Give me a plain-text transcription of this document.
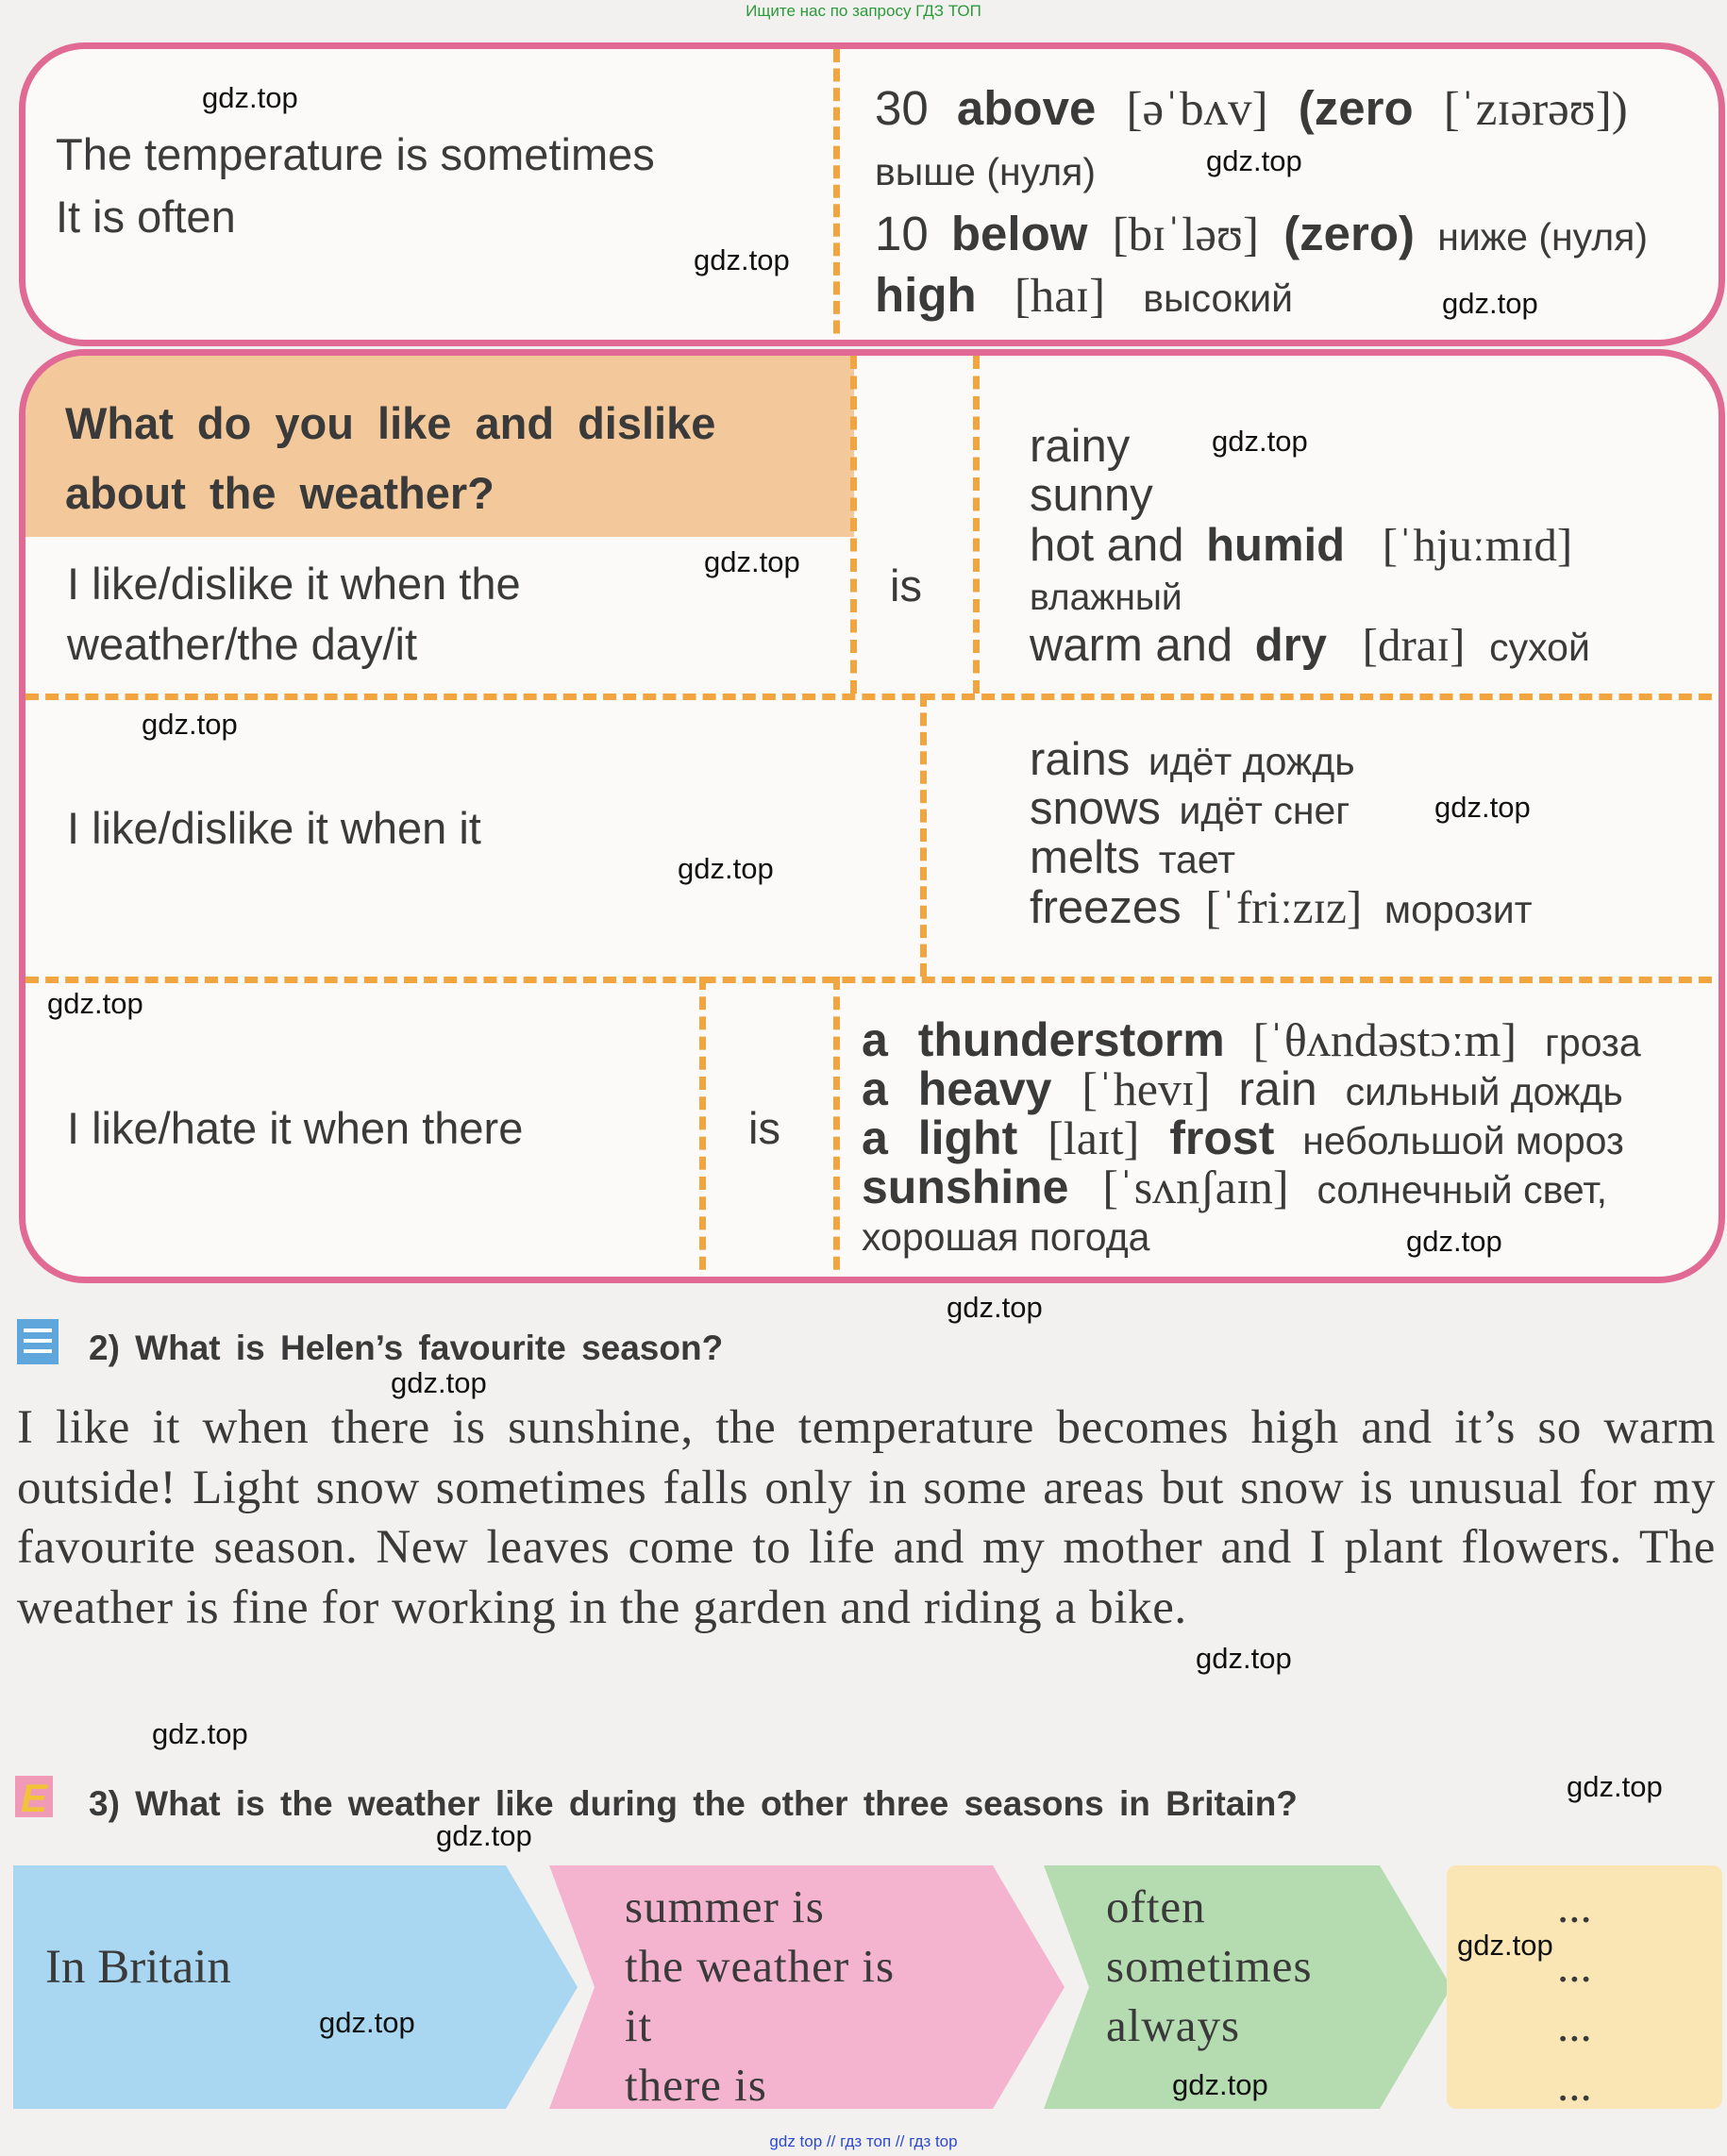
Ищите нас по запросу ГДЗ ТОП
The temperature is sometimes
It is often
30 above [əˈbʌv] (zero [ˈzɪərəʊ])
выше (нуля)
10 below [bɪˈləʊ] (zero) ниже (нуля)
high [haɪ] высокий
What do you like and dislike
about the weather?
I like/dislike it when the
weather/the day/it
is
rainy
sunny
hot and humid [ˈhjuːmɪd]
влажный
warm and dry [draɪ] сухой
I like/dislike it when it
rains идёт дождь
snows идёт снег
melts тает
freezes [ˈfriːzɪz] морозит
I like/hate it when there	is
a thunderstorm [ˈθʌndəstɔːm] гроза
a heavy [ˈhevɪ] rain сильный дождь
a light [laɪt] frost небольшой мороз
sunshine [ˈsʌnʃaɪn] солнечный свет,
хорошая погода
2) What is Helen’s favourite season?
I like it when there is sunshine, the temperature becomes high and it’s so warm outside! Light snow sometimes falls only in some areas but snow is unusual for my favourite season. New leaves come to life and my mother and I plant flowers. The weather is fine for working in the garden and riding a bike.
E 3) What is the weather like during the other three seasons in Britain?
In Britain
summer is
the weather is
it
there is
often
sometimes
always
...
...
...
...
gdz.top
gdz.top
gdz.top
gdz.top
gdz.top
gdz.top
gdz.top
gdz.top
gdz.top
gdz.top
gdz.top
gdz.top
gdz.top
gdz.top
gdz.top
gdz.top
gdz.top
gdz.top
gdz.top
gdz.top
gdz top // гдз топ // гдз top
